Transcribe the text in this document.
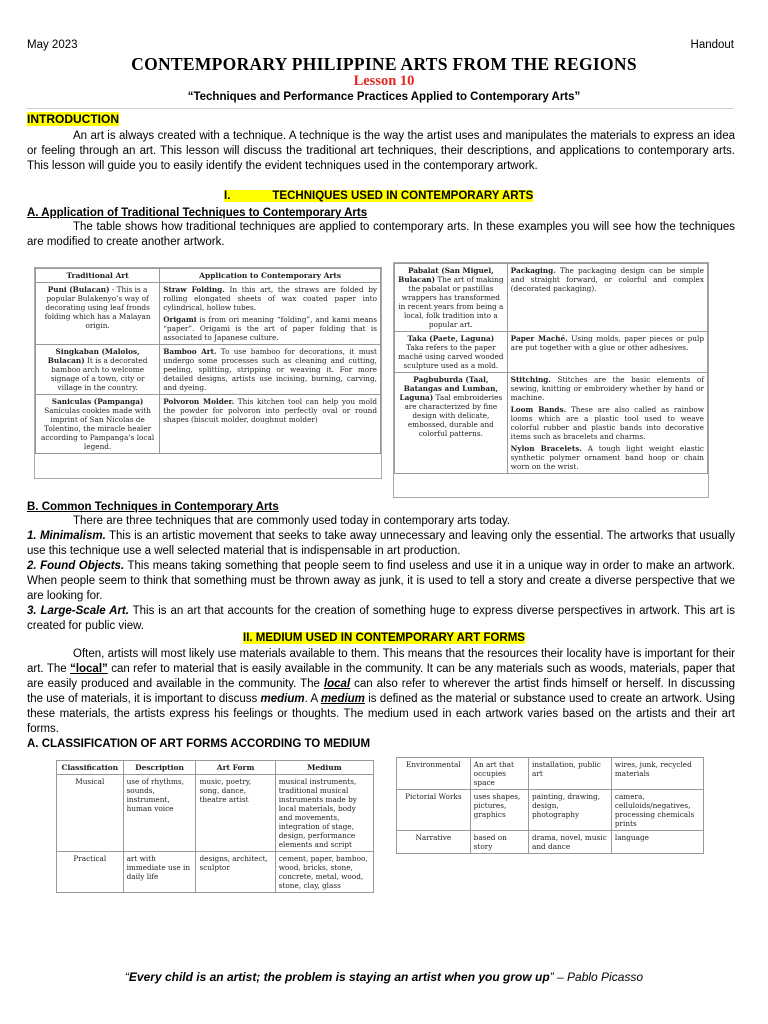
May 2023	Handout
CONTEMPORARY PHILIPPINE ARTS FROM THE REGIONS
Lesson 10
“Techniques and Performance Practices Applied to Contemporary Arts”
INTRODUCTION

An art is always created with a technique. A technique is the way the artist uses and manipulates the materials to express an idea or feeling through an art. This lesson will discuss the traditional art techniques, their descriptions, and applications to contemporary arts. This lesson will guide you to easily identify the evident techniques used in the contemporary artwork.

I.	TECHNIQUES USED IN CONTEMPORARY ARTS
A. Application of Traditional Techniques to Contemporary Arts

The table shows how traditional techniques are applied to contemporary arts. In these examples you will see how the techniques are modified to create another artwork.

Traditional Art	Application to Contemporary Arts
Puni (Bulacan) - This is a popular Bulakenyo’s way of decorating using leaf fronds folding which has a Malayan origin.	Straw Folding. In this art, the straws are folded by rolling elongated sheets of wax coated paper into cylindrical, hollow tubes.
Origami is from ori meaning “folding”, and kami means “paper”. Origami is the art of paper folding that is associated to Japanese culture.

Singkaban (Malolos, Bulacan) It is a decorated bamboo arch to welcome signage of a town, city or village in the country.	Bamboo Art. To use bamboo for decorations, it must undergo some processes such as cleaning and cutting, peeling, splitting, stripping or weaving it. For more detailed designs, artists use incising, burning, carving, and dyeing.

Saniculas (Pampanga) Saniculas cookies made with imprint of San Nicolas de Tolentino, the miracle healer according to Pampanga’s local legend.	Polvoron Molder. This kitchen tool can help you mold the powder for polvoron into perfectly oval or round shapes (biscuit molder, doughnut molder)
Pabalat (San Miguel, Bulacan) The art of making the pabalat or pastillas wrappers has transformed in recent years from being a local, folk tradition into a popular art.	Packaging. The packaging design can be simple and straight forward, or colorful and complex (decorated packaging).

Taka (Paete, Laguna) Taka refers to the paper maché using carved wooded sculpture used as a mold.	Paper Maché. Using molds, paper pieces or pulp are put together with a glue or other adhesives.

Pagbuburda (Taal, Batangas and Lumban, Laguna) Taal embroideries are characterized by fine design with delicate, embossed, durable and colorful patterns.	Stitching. Stitches are the basic elements of sewing, knitting or embroidery whether by hand or machine.
Loom Bands. These are also called as rainbow looms which are a plastic tool used to weave colorful rubber and plastic bands into decorative items such as bracelets and charms.
Nylon Bracelets. A tough light weight elastic synthetic polymer ornament band hoop or chain worn on the wrist.
B. Common Techniques in Contemporary Arts

There are three techniques that are commonly used today in contemporary arts today.

1. Minimalism. This is an artistic movement that seeks to take away unnecessary and leaving only the essential. The artworks that usually use this technique use a well selected material that is indispensable in art production.

2. Found Objects. This means taking something that people seem to find useless and use it in a unique way in order to make an artwork. When people seem to think that something must be thrown away as junk, it is used to tell a story and create a diverse perspective that we are looking for.

3. Large-Scale Art. This is an art that accounts for the creation of something huge to express diverse perspectives in artwork. This art is created for public view.

II. MEDIUM USED IN CONTEMPORARY ART FORMS

Often, artists will most likely use materials available to them. This means that the resources their locality have is important for their art. The “local” can refer to material that is easily available in the community. It can be any materials such as woods, materials, paper that are easily produced and available in the community. The local can also refer to wherever the artist finds himself or herself. In discussing the use of materials, it is important to discuss medium. A medium is defined as the material or substance used to create an artwork. Using these materials, the artists express his feelings or thoughts. The medium used in each artwork varies based on the artists and their art forms.

A. CLASSIFICATION OF ART FORMS ACCORDING TO MEDIUM
Classification	Description	Art Form	Medium
Musical	use of rhythms, sounds, instrument, human voice	music, poetry, song, dance, theatre artist	musical instruments, traditional musical instruments made by local materials, body and movements, integration of stage, design, performance elements and script
Practical	art with immediate use in daily life	designs, architect, sculptor	cement, paper, bamboo, wood, bricks, stone, concrete, metal, wood, stone, clay, glass
Environmental	An art that occupies space	installation, public art	wires, junk, recycled materials
Pictorial Works	uses shapes, pictures, graphics	painting, drawing, design, photography	camera, celluloids/negatives, processing chemicals prints
Narrative	based on story	drama, novel, music and dance	language
“Every child is an artist; the problem is staying an artist when you grow up” – Pablo Picasso
